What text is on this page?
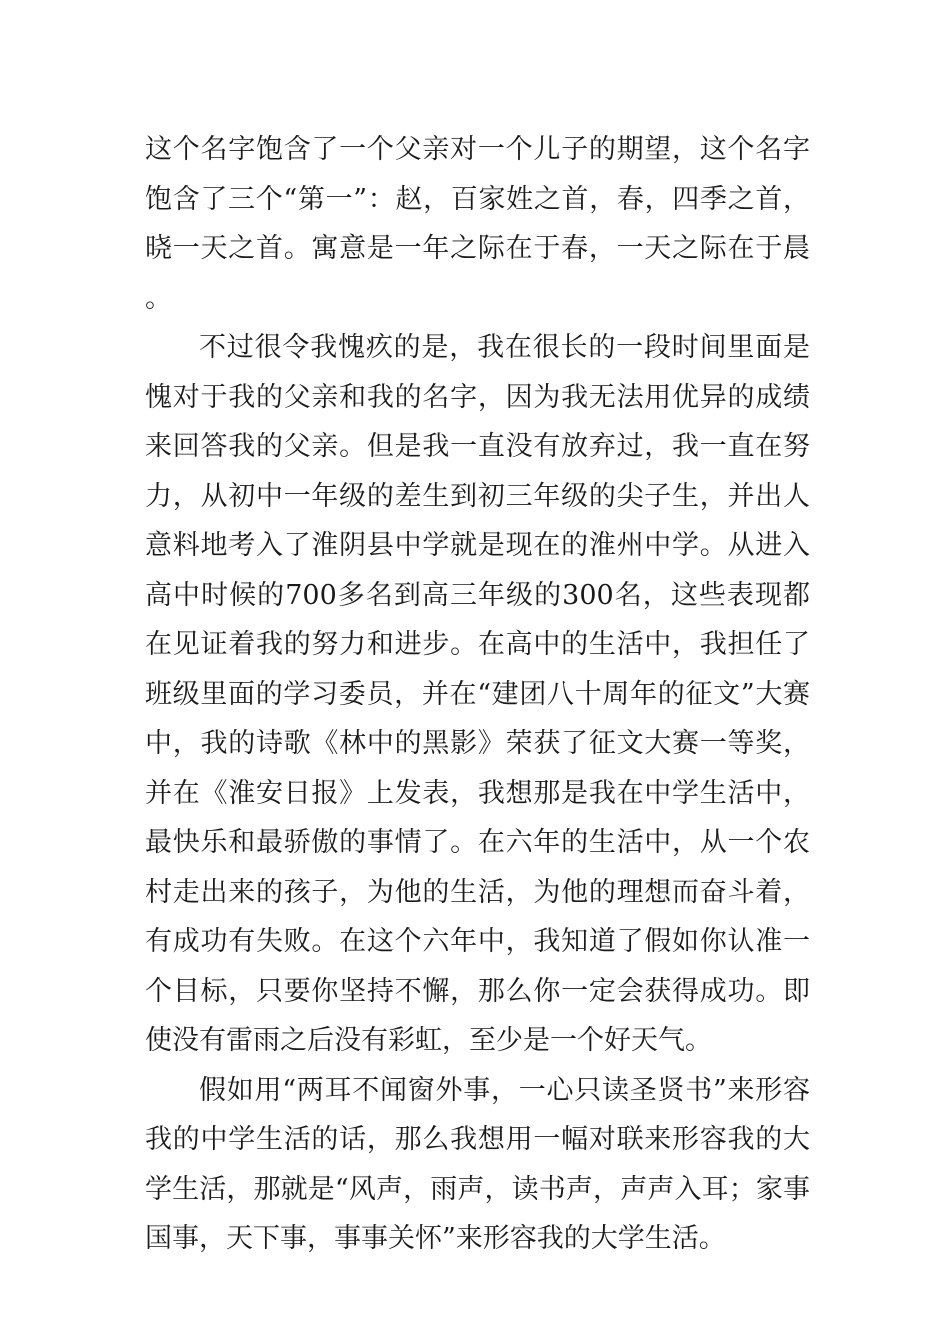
这个名字饱含了一个父亲对一个儿子的期望，这个名字饱含了三个“第一”：赵，百家姓之首，春，四季之首，晓一天之首。寓意是一年之际在于春，一天之际在于晨。

不过很令我愧疚的是，我在很长的一段时间里面是愧对于我的父亲和我的名字，因为我无法用优异的成绩来回答我的父亲。但是我一直没有放弃过，我一直在努力，从初中一年级的差生到初三年级的尖子生，并出人意料地考入了淮阴县中学就是现在的淮州中学。从进入高中时候的700多名到高三年级的300名，这些表现都在见证着我的努力和进步。在高中的生活中，我担任了班级里面的学习委员，并在“建团八十周年的征文”大赛中，我的诗歌《林中的黑影》荣获了征文大赛一等奖，并在《淮安日报》上发表，我想那是我在中学生活中，最快乐和最骄傲的事情了。在六年的生活中，从一个农村走出来的孩子，为他的生活，为他的理想而奋斗着，有成功有失败。在这个六年中，我知道了假如你认准一个目标，只要你坚持不懈，那么你一定会获得成功。即使没有雷雨之后没有彩虹，至少是一个好天气。

假如用“两耳不闻窗外事，一心只读圣贤书”来形容我的中学生活的话，那么我想用一幅对联来形容我的大学生活，那就是“风声，雨声，读书声，声声入耳；家事国事，天下事，事事关怀”来形容我的大学生活。
